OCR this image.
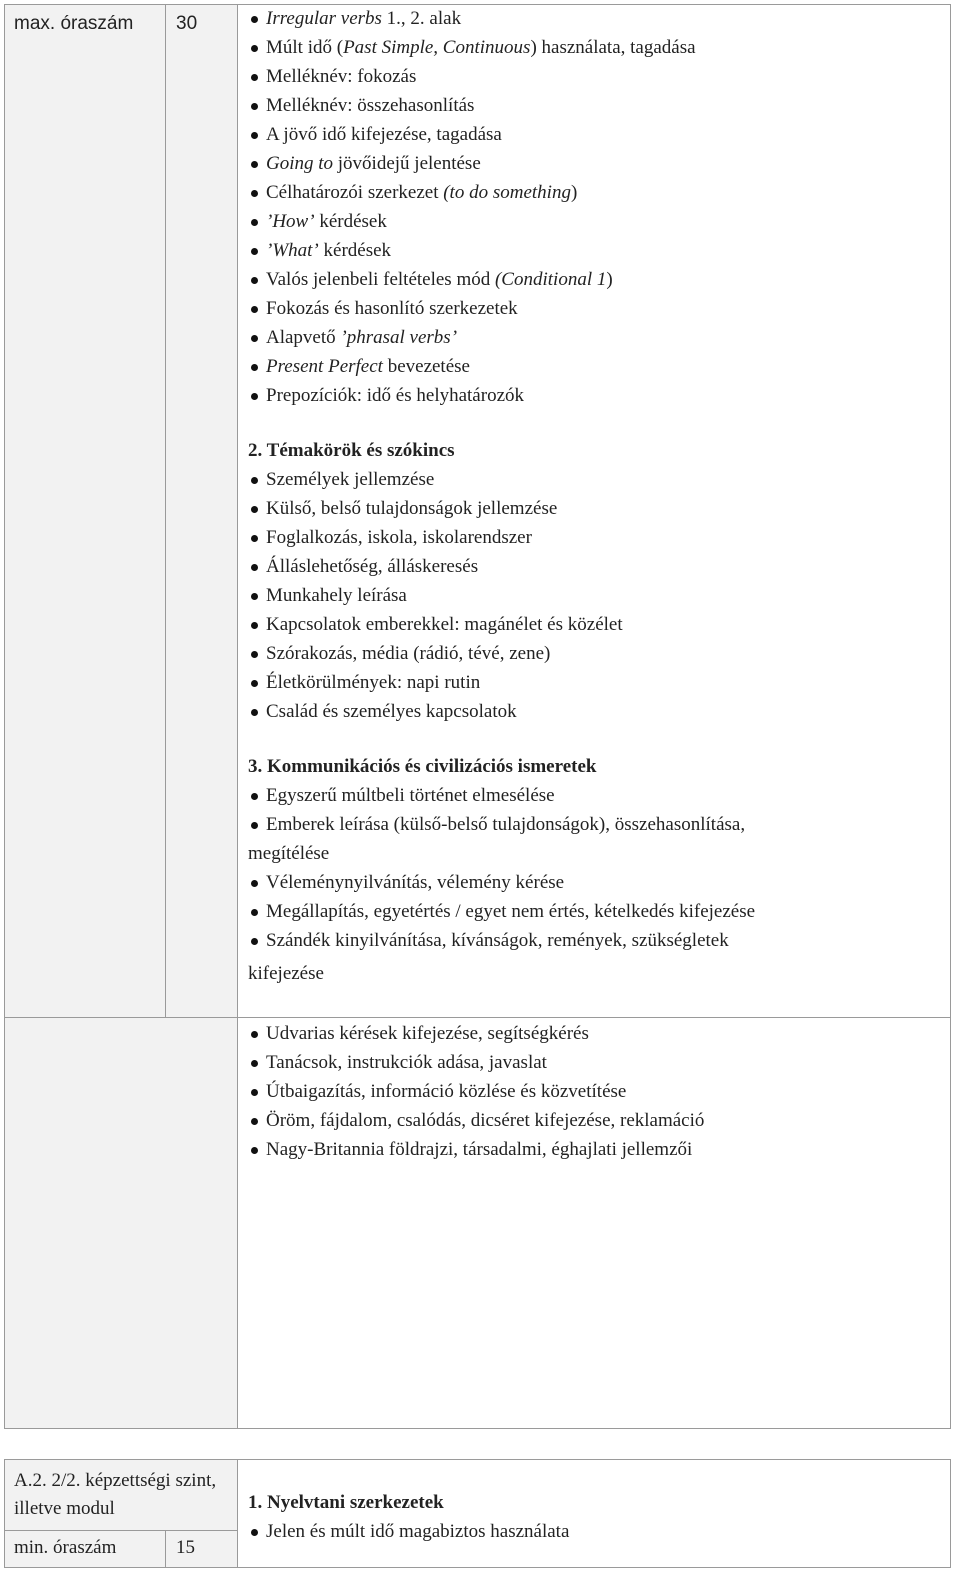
max. óraszám 30	Irregular verbs 1., 2. alak
Múlt idő (Past Simple, Continuous) használata, tagadása
Melléknév: fokozás
Melléknév: összehasonlítás
A jövő idő kifejezése, tagadása
Going to jövőidejű jelentése
Célhatározói szerkezet (to do something)
’How’ kérdések
’What’ kérdések
Valós jelenbeli feltételes mód (Conditional 1)
Fokozás és hasonlító szerkezetek
Alapvető ’phrasal verbs’
Present Perfect bevezetése
Prepozíciók: idő és helyhatározók
2. Témakörök és szókincs
Személyek jellemzése
Külső, belső tulajdonságok jellemzése
Foglalkozás, iskola, iskolarendszer
Álláslehetőség, álláskeresés
Munkahely leírása
Kapcsolatok emberekkel: magánélet és közélet
Szórakozás, média (rádió, tévé, zene)
Életkörülmények: napi rutin
Család és személyes kapcsolatok
3. Kommunikációs és civilizációs ismeretek
Egyszerű múltbeli történet elmesélése
Emberek leírása (külső-belső tulajdonságok), összehasonlítása,
megítélése
Véleménynyilvánítás, vélemény kérése
Megállapítás, egyetértés / egyet nem értés, kételkedés kifejezése
Szándék kinyilvánítása, kívánságok, remények, szükségletek
kifejezése
Udvarias kérések kifejezése, segítségkérés
Tanácsok, instrukciók adása, javaslat
Útbaigazítás, információ közlése és közvetítése
Öröm, fájdalom, csalódás, dicséret kifejezése, reklamáció
Nagy-Britannia földrajzi, társadalmi, éghajlati jellemzői
A.2. 2/2. képzettségi szint, illetve modul
min. óraszám	15
1. Nyelvtani szerkezetek
Jelen és múlt idő magabiztos használata
